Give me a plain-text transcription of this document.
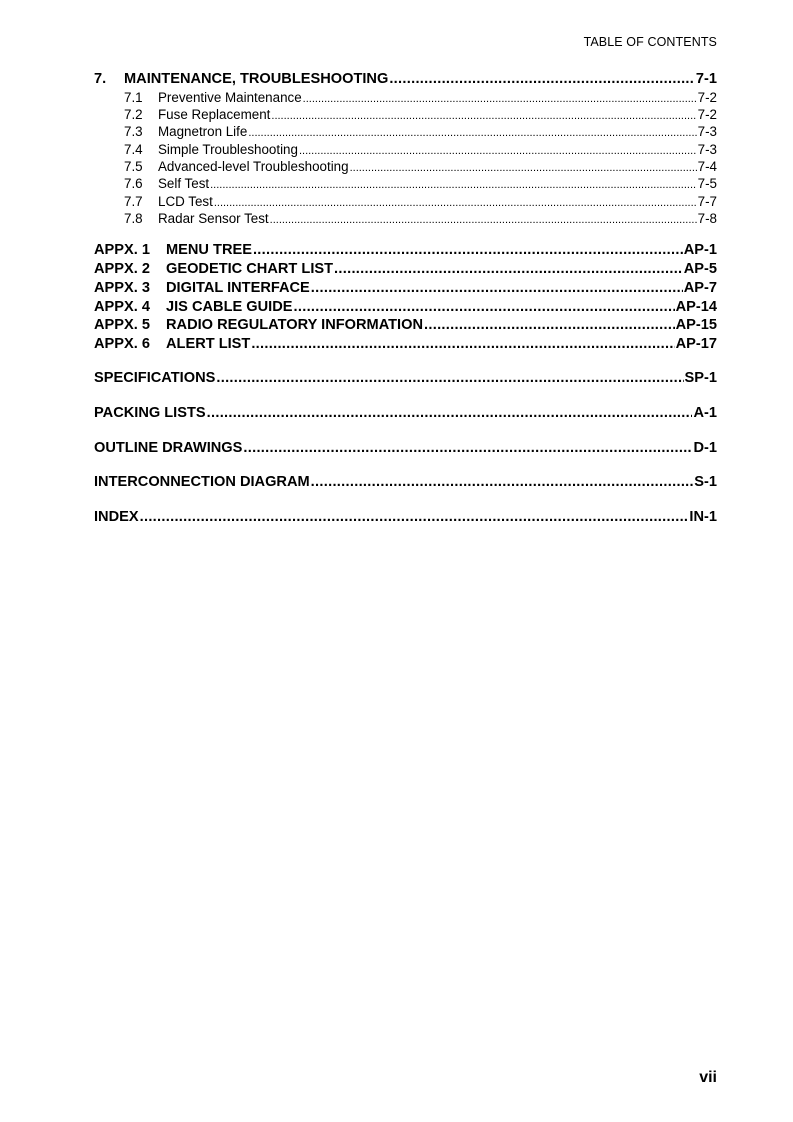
TABLE OF CONTENTS
7.	MAINTENANCE, TROUBLESHOOTING .....	7-1
7.1	Preventive Maintenance .....	7-2
7.2	Fuse Replacement .....	7-2
7.3	Magnetron Life .....	7-3
7.4	Simple Troubleshooting .....	7-3
7.5	Advanced-level Troubleshooting .....	7-4
7.6	Self Test .....	7-5
7.7	LCD Test .....	7-7
7.8	Radar Sensor Test .....	7-8
APPX. 1	MENU TREE .....	AP-1
APPX. 2	GEODETIC CHART LIST .....	AP-5
APPX. 3	DIGITAL INTERFACE .....	AP-7
APPX. 4	JIS CABLE GUIDE .....	AP-14
APPX. 5	RADIO REGULATORY INFORMATION .....	AP-15
APPX. 6	ALERT LIST .....	AP-17
SPECIFICATIONS .....	SP-1
PACKING LISTS .....	A-1
OUTLINE DRAWINGS .....	D-1
INTERCONNECTION DIAGRAM .....	S-1
INDEX .....	IN-1
vii
